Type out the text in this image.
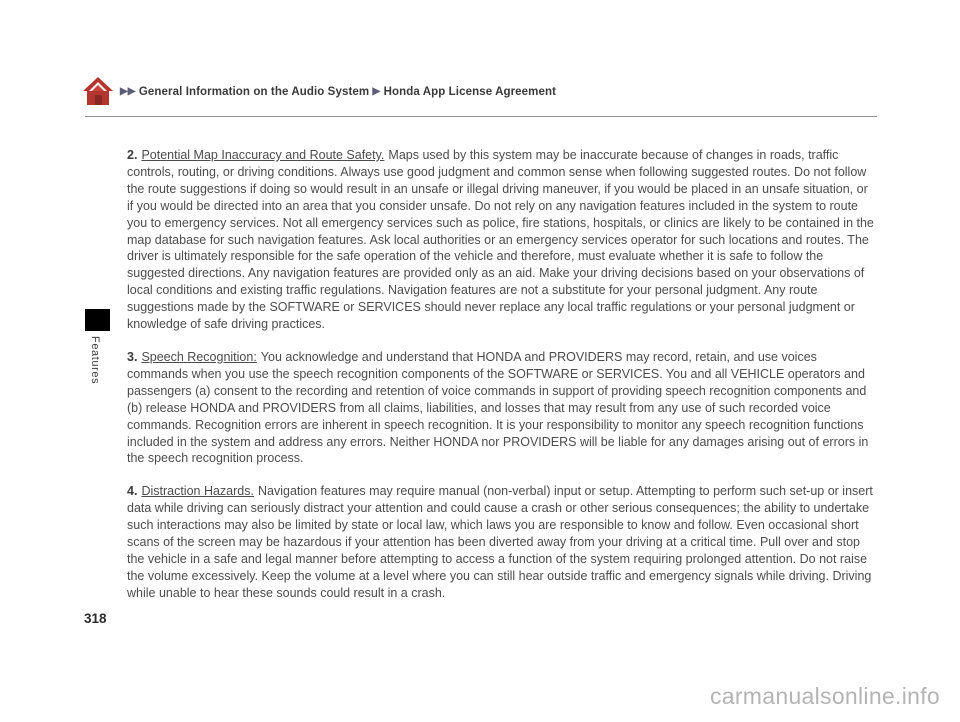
▶▶ General Information on the Audio System ▶ Honda App License Agreement
Features

2. Potential Map Inaccuracy and Route Safety. Maps used by this system may be inaccurate because of changes in roads, traffic controls, routing, or driving conditions. Always use good judgment and common sense when following suggested routes. Do not follow the route suggestions if doing so would result in an unsafe or illegal driving maneuver, if you would be placed in an unsafe situation, or if you would be directed into an area that you consider unsafe. Do not rely on any navigation features included in the system to route you to emergency services. Not all emergency services such as police, fire stations, hospitals, or clinics are likely to be contained in the map database for such navigation features. Ask local authorities or an emergency services operator for such locations and routes. The driver is ultimately responsible for the safe operation of the vehicle and therefore, must evaluate whether it is safe to follow the suggested directions. Any navigation features are provided only as an aid. Make your driving decisions based on your observations of local conditions and existing traffic regulations. Navigation features are not a substitute for your personal judgment. Any route suggestions made by the SOFTWARE or SERVICES should never replace any local traffic regulations or your personal judgment or knowledge of safe driving practices.

3. Speech Recognition: You acknowledge and understand that HONDA and PROVIDERS may record, retain, and use voices commands when you use the speech recognition components of the SOFTWARE or SERVICES. You and all VEHICLE operators and passengers (a) consent to the recording and retention of voice commands in support of providing speech recognition components and (b) release HONDA and PROVIDERS from all claims, liabilities, and losses that may result from any use of such recorded voice commands. Recognition errors are inherent in speech recognition. It is your responsibility to monitor any speech recognition functions included in the system and address any errors. Neither HONDA nor PROVIDERS will be liable for any damages arising out of errors in the speech recognition process.

4. Distraction Hazards. Navigation features may require manual (non-verbal) input or setup. Attempting to perform such set-up or insert data while driving can seriously distract your attention and could cause a crash or other serious consequences; the ability to undertake such interactions may also be limited by state or local law, which laws you are responsible to know and follow. Even occasional short scans of the screen may be hazardous if your attention has been diverted away from your driving at a critical time. Pull over and stop the vehicle in a safe and legal manner before attempting to access a function of the system requiring prolonged attention. Do not raise the volume excessively. Keep the volume at a level where you can still hear outside traffic and emergency signals while driving. Driving while unable to hear these sounds could result in a crash.

318
carmanualsonline.info
